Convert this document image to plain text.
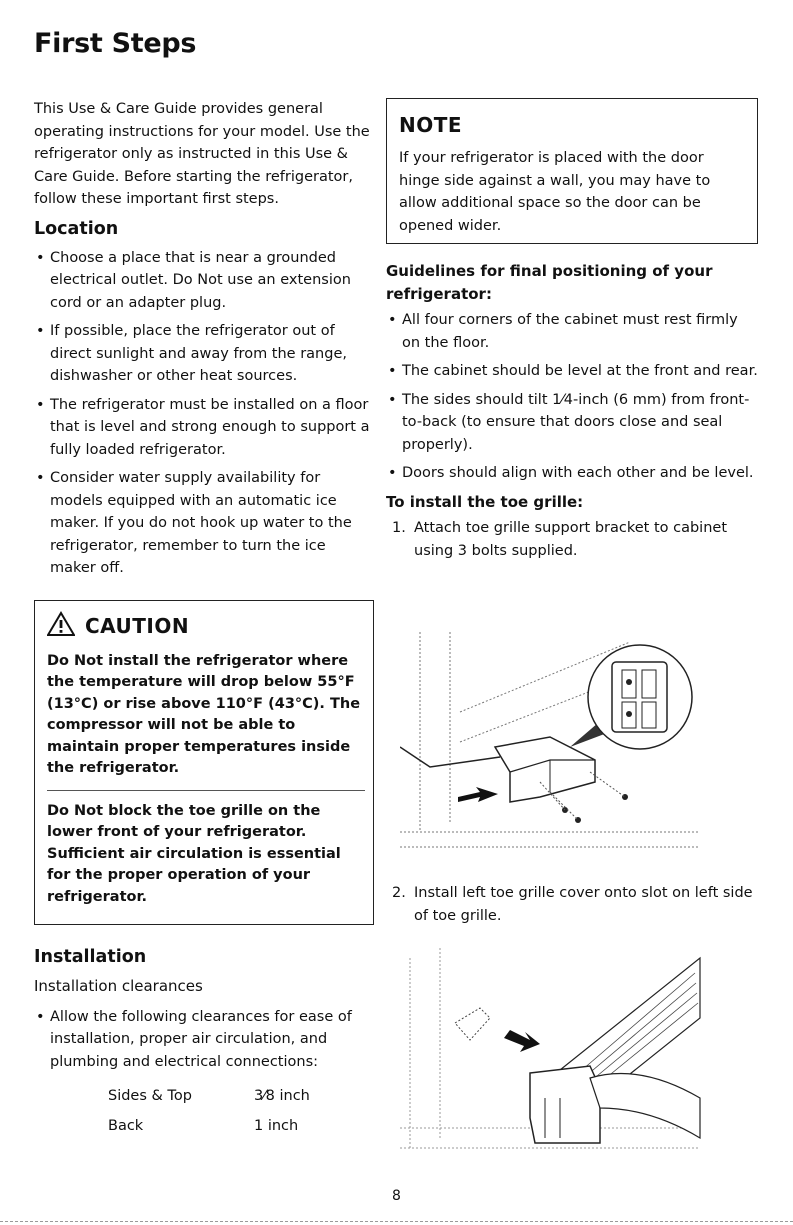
First Steps

This Use & Care Guide provides general operating instructions for your model. Use the refrigerator only as instructed in this Use & Care Guide. Before starting the refrigerator, follow these important first steps.

Location
• Choose a place that is near a grounded electrical outlet. Do Not use an extension cord or an adapter plug.
• If possible, place the refrigerator out of direct sunlight and away from the range, dishwasher or other heat sources.
• The refrigerator must be installed on a floor that is level and strong enough to support a fully loaded refrigerator.
• Consider water supply availability for models equipped with an automatic ice maker. If you do not hook up water to the refrigerator, remember to turn the ice maker off.
CAUTION

Do Not install the refrigerator where the temperature will drop below 55°F (13°C) or rise above 110°F (43°C). The compressor will not be able to maintain proper temperatures inside the refrigerator.

Do Not block the toe grille on the lower front of your refrigerator. Sufficient air circulation is essential for the proper operation of your refrigerator.

Installation
Installation clearances
• Allow the following clearances for ease of installation, proper air circulation, and plumbing and electrical connections:
Sides & Top	3⁄8 inch
Back	1 inch
NOTE

If your refrigerator is placed with the door hinge side against a wall, you may have to allow additional space so the door can be opened wider.

Guidelines for final positioning of your refrigerator:
• All four corners of the cabinet must rest firmly on the floor.
• The cabinet should be level at the front and rear.
• The sides should tilt 1⁄4-inch (6 mm) from front-to-back (to ensure that doors close and seal properly).
• Doors should align with each other and be level.
To install the toe grille:
1. Attach toe grille support bracket to cabinet using 3 bolts supplied.
2. Install left toe grille cover onto slot on left side of toe grille.
8
